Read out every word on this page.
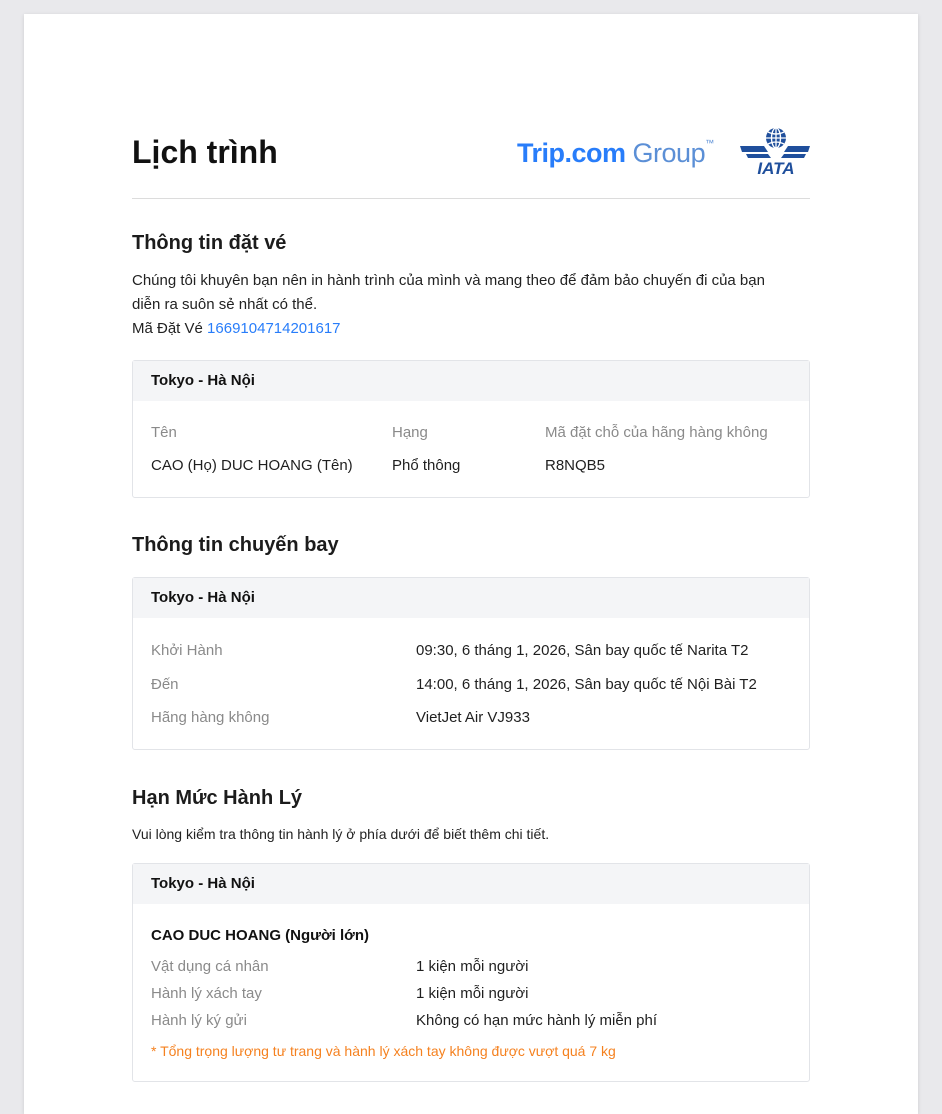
Lịch trình	Trip.com Group™
IATA
Thông tin đặt vé
Chúng tôi khuyên bạn nên in hành trình của mình và mang theo để đảm bảo chuyến đi của bạn
diễn ra suôn sẻ nhất có thể.
Mã Đặt Vé 1669104714201617
Tokyo - Hà Nội
Tên	Hạng	Mã đặt chỗ của hãng hàng không
CAO (Họ) DUC HOANG (Tên)	Phổ thông	R8NQB5
Thông tin chuyến bay
Tokyo - Hà Nội
Khởi Hành	09:30, 6 tháng 1, 2026, Sân bay quốc tế Narita T2
Đến	14:00, 6 tháng 1, 2026, Sân bay quốc tế Nội Bài T2
Hãng hàng không	VietJet Air VJ933
Hạn Mức Hành Lý
Vui lòng kiểm tra thông tin hành lý ở phía dưới để biết thêm chi tiết.
Tokyo - Hà Nội
CAO DUC HOANG (Người lớn)
Vật dụng cá nhân	1 kiện mỗi người
Hành lý xách tay	1 kiện mỗi người
Hành lý ký gửi	Không có hạn mức hành lý miễn phí
* Tổng trọng lượng tư trang và hành lý xách tay không được vượt quá 7 kg
